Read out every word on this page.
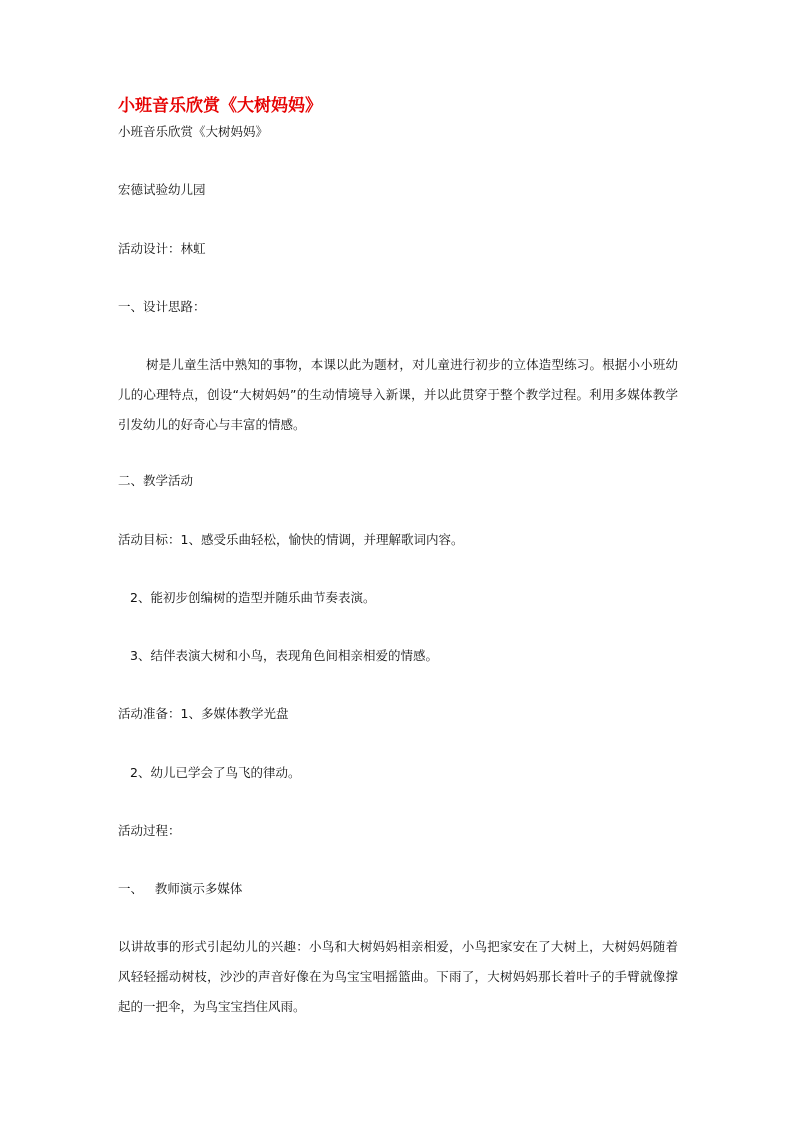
小班音乐欣赏《大树妈妈》
小班音乐欣赏《大树妈妈》
宏德试验幼儿园
活动设计：林虹
一、设计思路：
树是儿童生活中熟知的事物，本课以此为题材，对儿童进行初步的立体造型练习。根据小小班幼儿的心理特点，创设“大树妈妈”的生动情境导入新课，并以此贯穿于整个教学过程。利用多媒体教学引发幼儿的好奇心与丰富的情感。
二、教学活动
活动目标：1、感受乐曲轻松，愉快的情调，并理解歌词内容。
2、能初步创编树的造型并随乐曲节奏表演。
3、结伴表演大树和小鸟，表现角色间相亲相爱的情感。
活动准备：1、多媒体教学光盘
2、幼儿已学会了鸟飞的律动。
活动过程：
一、   教师演示多媒体
以讲故事的形式引起幼儿的兴趣：小鸟和大树妈妈相亲相爱，小鸟把家安在了大树上，大树妈妈随着风轻轻摇动树枝，沙沙的声音好像在为鸟宝宝唱摇篮曲。下雨了，大树妈妈那长着叶子的手臂就像撑起的一把伞，为鸟宝宝挡住风雨。
